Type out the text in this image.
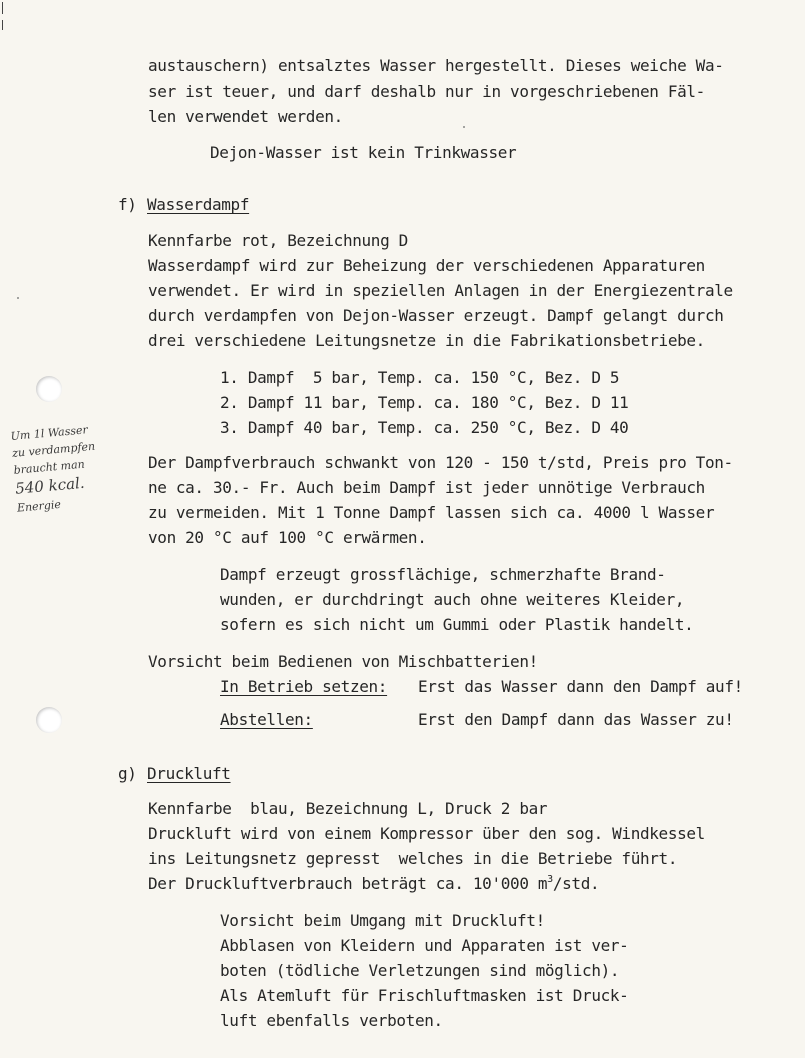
austauschern) entsalztes Wasser hergestellt. Dieses weiche Wa-
ser ist teuer, und darf deshalb nur in vorgeschriebenen Fäl-
len verwendet werden.
Dejon-Wasser ist kein Trinkwasser
f) Wasserdampf
Kennfarbe rot, Bezeichnung D
Wasserdampf wird zur Beheizung der verschiedenen Apparaturen
verwendet. Er wird in speziellen Anlagen in der Energiezentrale
durch verdampfen von Dejon-Wasser erzeugt. Dampf gelangt durch
drei verschiedene Leitungsnetze in die Fabrikationsbetriebe.
1. Dampf  5 bar, Temp. ca. 150 °C, Bez. D 5
2. Dampf 11 bar, Temp. ca. 180 °C, Bez. D 11
3. Dampf 40 bar, Temp. ca. 250 °C, Bez. D 40
Der Dampfverbrauch schwankt von 120 - 150 t/std, Preis pro Ton-
ne ca. 30.- Fr. Auch beim Dampf ist jeder unnötige Verbrauch
zu vermeiden. Mit 1 Tonne Dampf lassen sich ca. 4000 l Wasser
von 20 °C auf 100 °C erwärmen.
Dampf erzeugt grossflächige, schmerzhafte Brand-
wunden, er durchdringt auch ohne weiteres Kleider,
sofern es sich nicht um Gummi oder Plastik handelt.
Vorsicht beim Bedienen von Mischbatterien!
In Betrieb setzen: Erst das Wasser dann den Dampf auf!
Abstellen:	Erst den Dampf dann das Wasser zu!
g) Druckluft
Kennfarbe  blau, Bezeichnung L, Druck 2 bar
Druckluft wird von einem Kompressor über den sog. Windkessel
ins Leitungsnetz gepresst  welches in die Betriebe führt.
Der Druckluftverbrauch beträgt ca. 10'000 $m^3$/std.
Vorsicht beim Umgang mit Druckluft!
Abblasen von Kleidern und Apparaten ist ver-
boten (tödliche Verletzungen sind möglich).
Als Atemluft für Frischluftmasken ist Druck-
luft ebenfalls verboten.
Um 1l Wasser
zu verdampfen
braucht man
540 kcal.
Energie
